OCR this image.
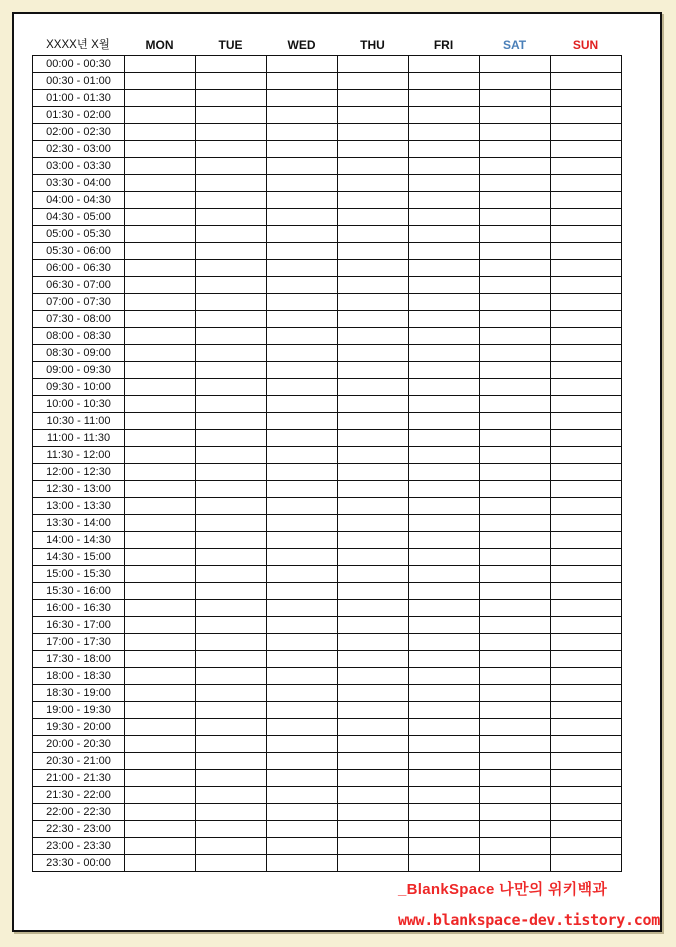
XXXX년 X월	MON	TUE	WED	THU	FRI	SAT	SUN
00:00 - 00:30							
00:30 - 01:00							
01:00 - 01:30							
01:30 - 02:00							
02:00 - 02:30							
02:30 - 03:00							
03:00 - 03:30							
03:30 - 04:00							
04:00 - 04:30							
04:30 - 05:00							
05:00 - 05:30							
05:30 - 06:00							
06:00 - 06:30							
06:30 - 07:00							
07:00 - 07:30							
07:30 - 08:00							
08:00 - 08:30							
08:30 - 09:00							
09:00 - 09:30							
09:30 - 10:00							
10:00 - 10:30							
10:30 - 11:00							
11:00 - 11:30							
11:30 - 12:00							
12:00 - 12:30							
12:30 - 13:00							
13:00 - 13:30							
13:30 - 14:00							
14:00 - 14:30							
14:30 - 15:00							
15:00 - 15:30							
15:30 - 16:00							
16:00 - 16:30							
16:30 - 17:00							
17:00 - 17:30							
17:30 - 18:00							
18:00 - 18:30							
18:30 - 19:00							
19:00 - 19:30							
19:30 - 20:00							
20:00 - 20:30							
20:30 - 21:00							
21:00 - 21:30							
21:30 - 22:00							
22:00 - 22:30							
22:30 - 23:00							
23:00 - 23:30							
23:30 - 00:00							
_BlankSpace 나만의 위키백과
www.blankspace-dev.tistory.com
